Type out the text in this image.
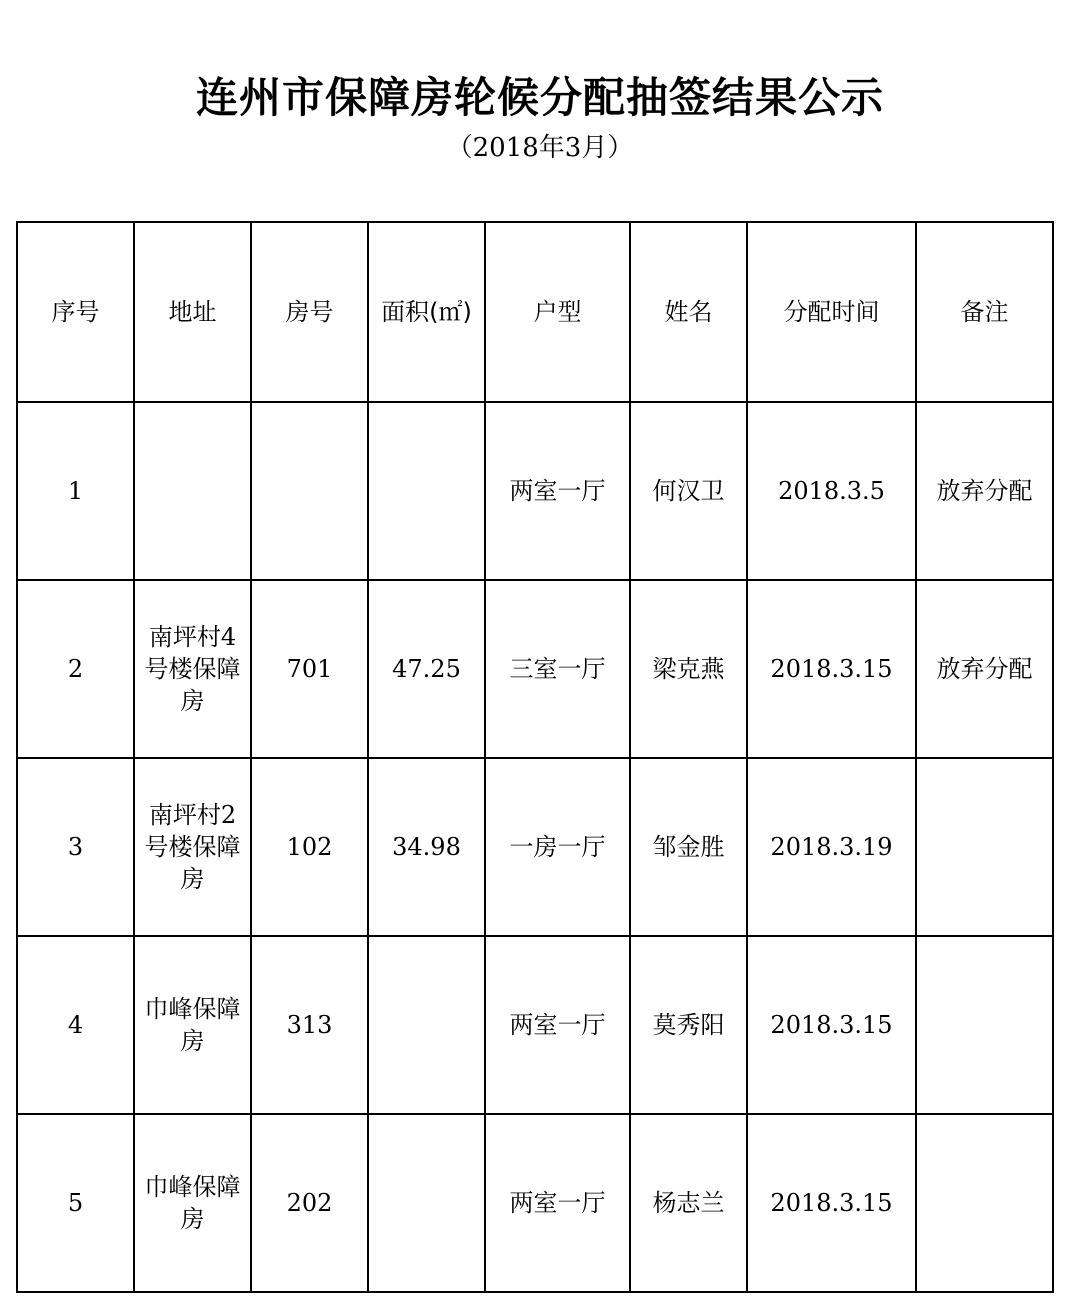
连州市保障房轮候分配抽签结果公示
（2018年3月）
序号	地址	房号	面积(㎡)	户型	姓名	分配时间	备注
1				两室一厅	何汉卫	2018.3.5	放弃分配
2	南坪村4号楼保障房	701	47.25	三室一厅	梁克燕	2018.3.15	放弃分配
3	南坪村2号楼保障房	102	34.98	一房一厅	邹金胜	2018.3.19	
4	巾峰保障房	313		两室一厅	莫秀阳	2018.3.15	
5	巾峰保障房	202		两室一厅	杨志兰	2018.3.15	
